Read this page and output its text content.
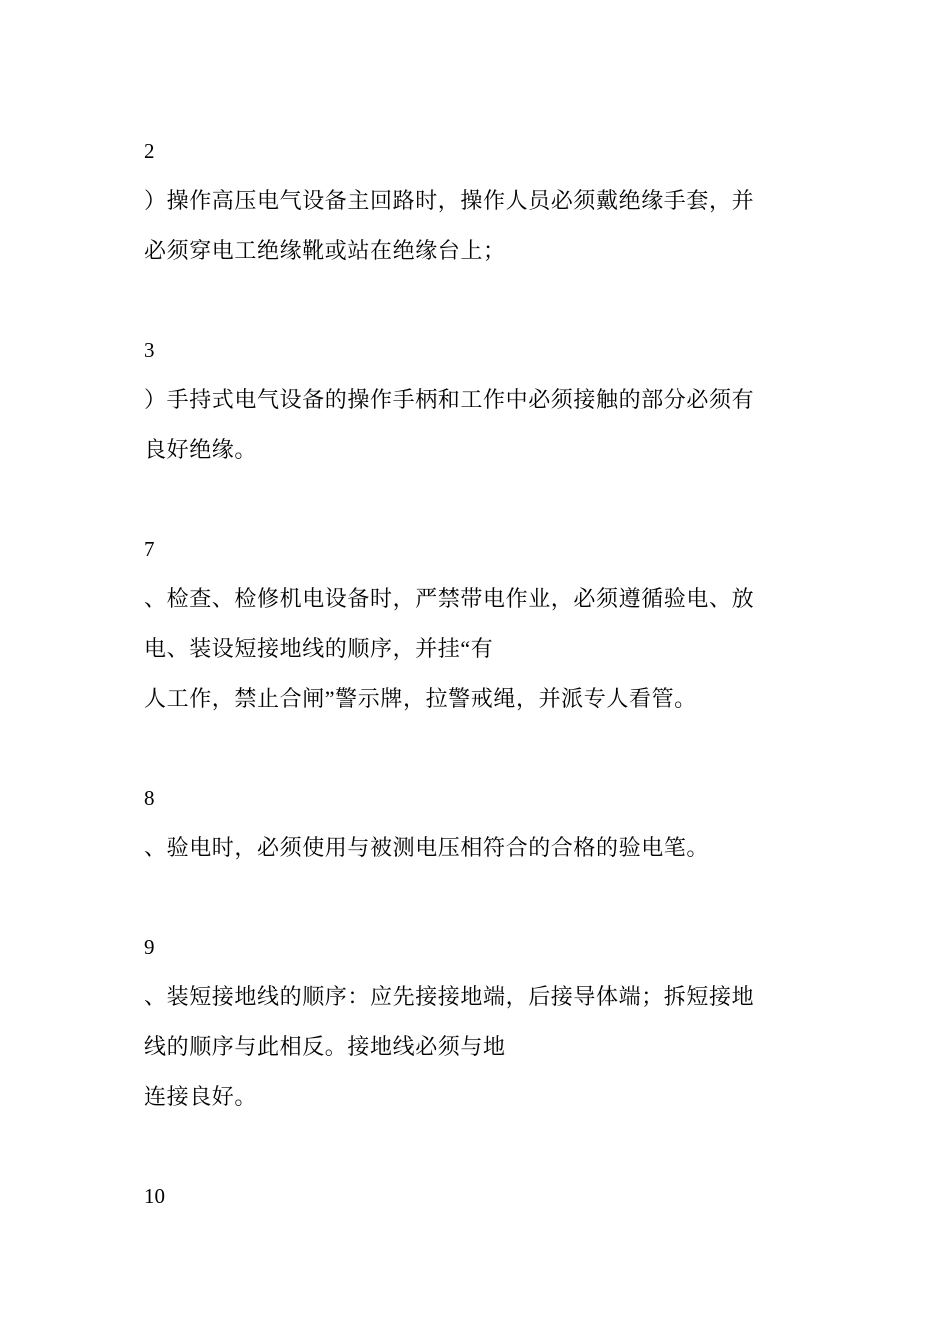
2
）操作高压电气设备主回路时，操作人员必须戴绝缘手套，并
必须穿电工绝缘靴或站在绝缘台上；
3
）手持式电气设备的操作手柄和工作中必须接触的部分必须有
良好绝缘。
7
、检查、检修机电设备时，严禁带电作业，必须遵循验电、放
电、装设短接地线的顺序，并挂“有
人工作，禁止合闸”警示牌，拉警戒绳，并派专人看管。
8
、验电时，必须使用与被测电压相符合的合格的验电笔。
9
、装短接地线的顺序：应先接接地端，后接导体端；拆短接地
线的顺序与此相反。接地线必须与地
连接良好。
10
